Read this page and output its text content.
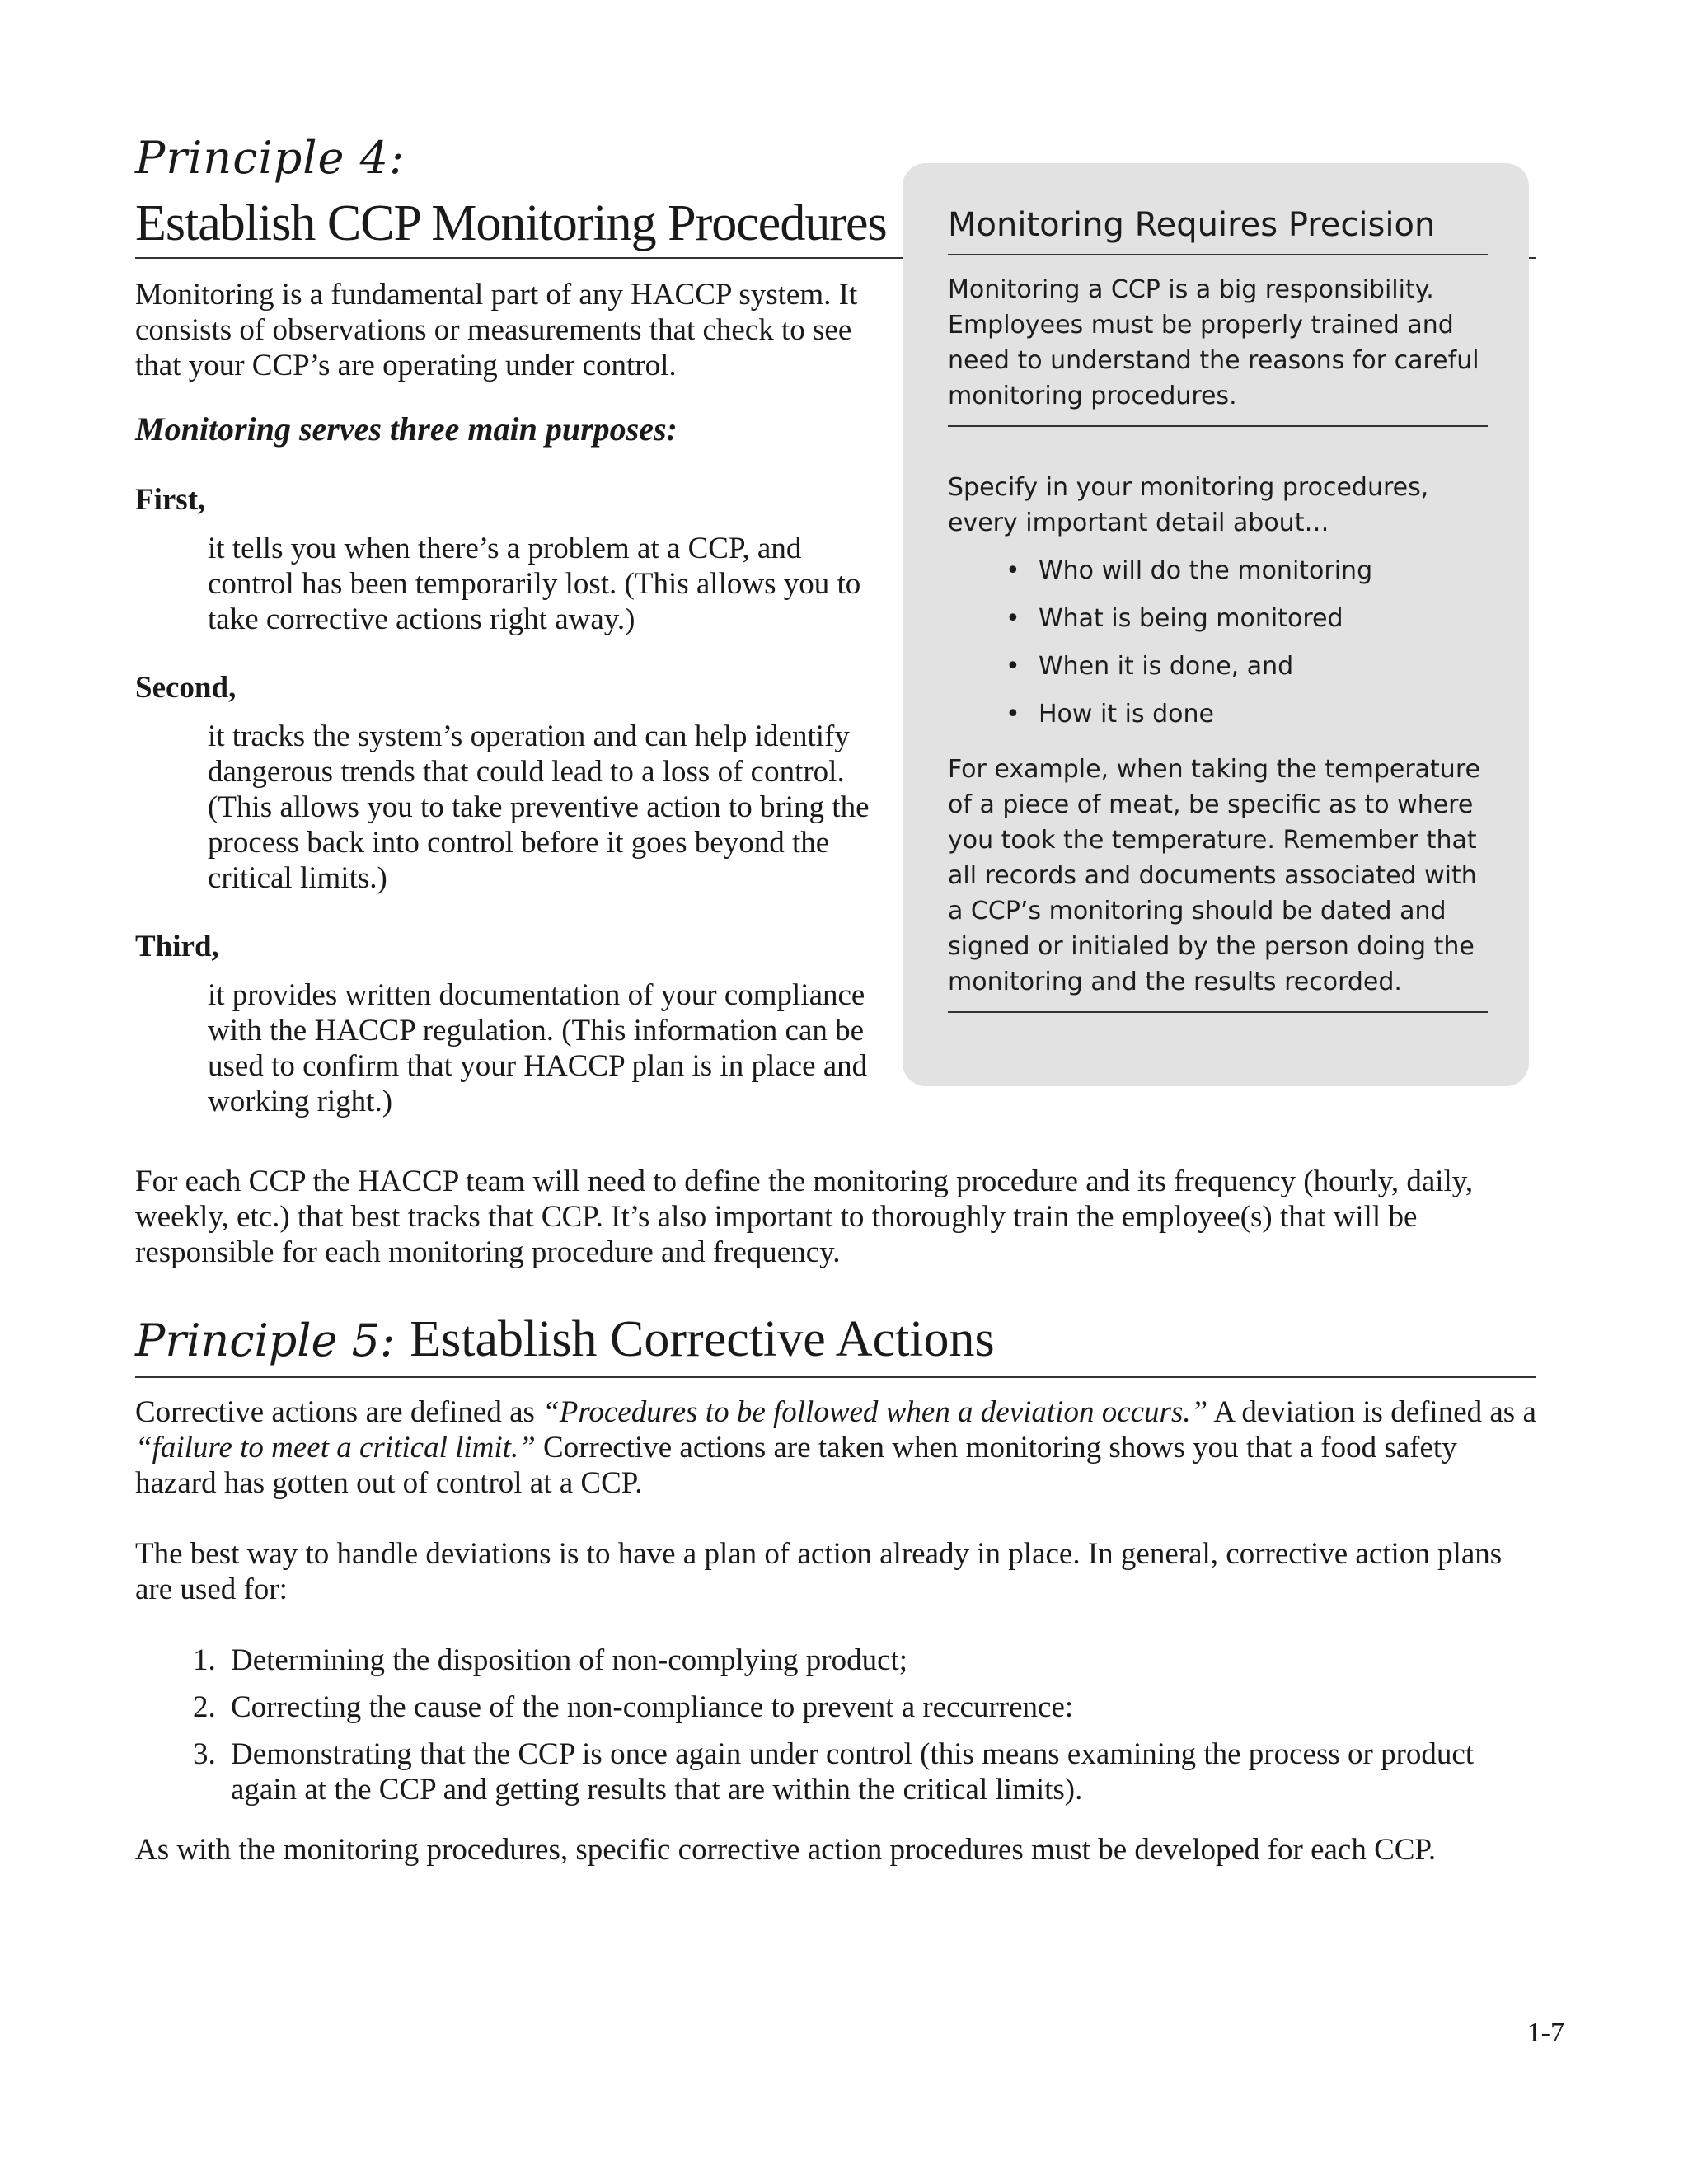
Principle 4:
Establish CCP Monitoring Procedures

Monitoring is a fundamental part of any HACCP system. It consists of observations or measurements that check to see that your CCP’s are operating under control.

Monitoring serves three main purposes:

First,

it tells you when there’s a problem at a CCP, and control has been temporarily lost. (This allows you to take corrective actions right away.)

Second,

it tracks the system’s operation and can help identify dangerous trends that could lead to a loss of control. (This allows you to take preventive action to bring the process back into control before it goes beyond the critical limits.)

Third,

it provides written documentation of your compliance with the HACCP regulation. (This information can be used to confirm that your HACCP plan is in place and working right.)

Monitoring Requires Precision

Monitoring a CCP is a big responsibility. Employees must be properly trained and need to understand the reasons for careful monitoring procedures.

Specify in your monitoring procedures, every important detail about…

• Who will do the monitoring
• What is being monitored
• When it is done, and
• How it is done

For example, when taking the temperature of a piece of meat, be specific as to where you took the temperature. Remember that all records and documents associated with a CCP’s monitoring should be dated and signed or initialed by the person doing the monitoring and the results recorded.

For each CCP the HACCP team will need to define the monitoring procedure and its frequency (hourly, daily, weekly, etc.) that best tracks that CCP. It’s also important to thoroughly train the employee(s) that will be responsible for each monitoring procedure and frequency.

Principle 5: Establish Corrective Actions

Corrective actions are defined as “Procedures to be followed when a deviation occurs.” A deviation is defined as a “failure to meet a critical limit.” Corrective actions are taken when monitoring shows you that a food safety hazard has gotten out of control at a CCP.

The best way to handle deviations is to have a plan of action already in place. In general, corrective action plans are used for:

1. Determining the disposition of non-complying product;
2. Correcting the cause of the non-compliance to prevent a reccurrence:
3. Demonstrating that the CCP is once again under control (this means examining the process or product again at the CCP and getting results that are within the critical limits).

As with the monitoring procedures, specific corrective action procedures must be developed for each CCP.

1-7
